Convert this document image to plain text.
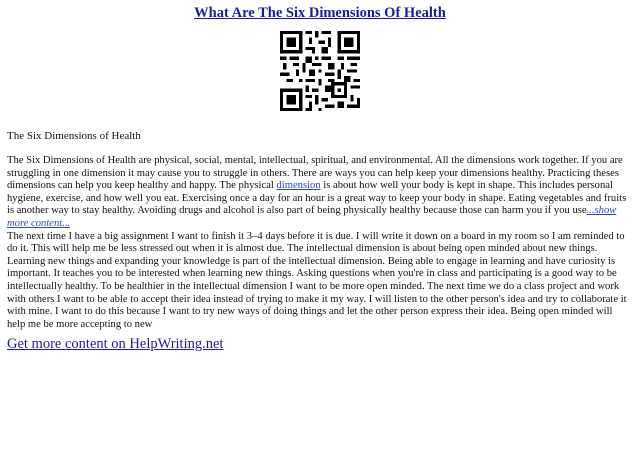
What Are The Six Dimensions Of Health
The Six Dimensions of Health

The Six Dimensions of Health are physical, social, mental, intellectual, spiritual, and environmental. All the dimensions work together. If you are struggling in one dimension it may cause you to struggle in others. There are ways you can help keep your dimensions healthy. Practicing theses dimensions can help you keep healthy and happy. The physical dimension is about how well your body is kept in shape. This includes personal hygiene, exercise, and how well you eat. Exercising once a day for an hour is a great way to keep your body in shape. Eating vegetables and fruits is another way to stay healthy. Avoiding drugs and alcohol is also part of being physically healthy because those can harm you if you use...show more content...

The next time I have a big assignment I want to finish it 3–4 days before it is due. I will write it down on a board in my room so I am reminded to do it. This will help me be less stressed out when it is almost due. The intellectual dimension is about being open minded about new things. Learning new things and expanding your knowledge is part of the intellectual dimension. Being able to engage in learning and have curiosity is important. It teaches you to be interested when learning new things. Asking questions when you're in class and participating is a good way to be intellectually healthy. To be healthier in the intellectual dimension I want to be more open minded. The next time we do a class project and work with others I want to be able to accept their idea instead of trying to make it my way. I will listen to the other person's idea and try to collaborate it with mine. I want to do this because I want to try new ways of doing things and let the other person express their idea. Being open minded will help me be more accepting to new

Get more content on HelpWriting.net
